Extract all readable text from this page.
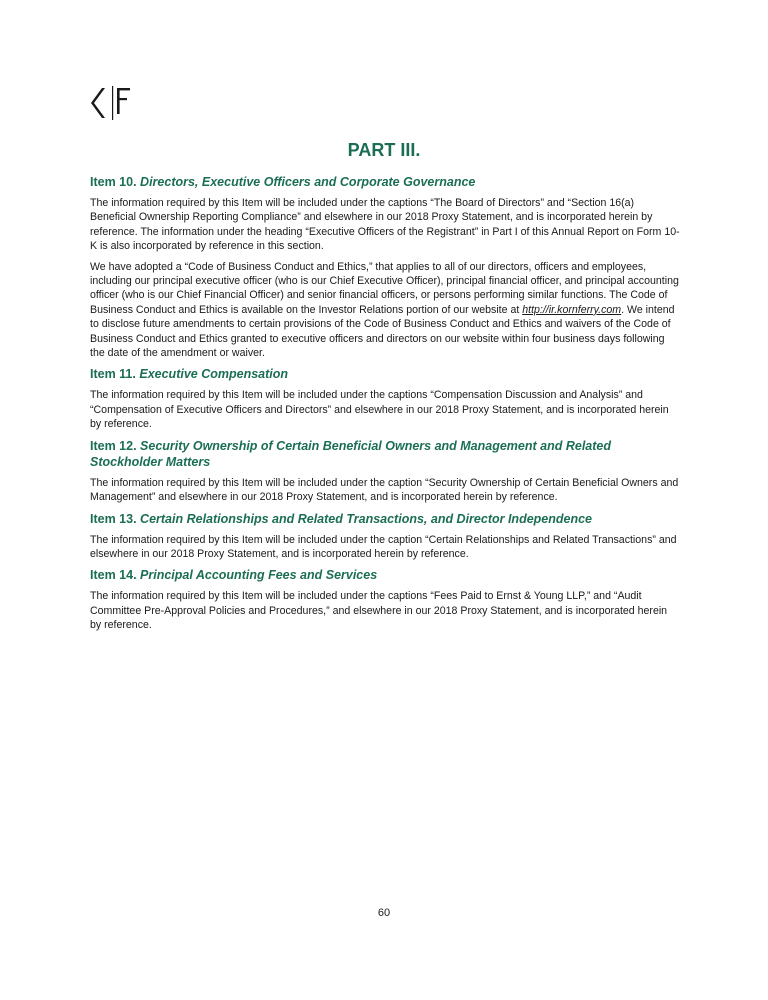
PART III.
Item 10. Directors, Executive Officers and Corporate Governance

The information required by this Item will be included under the captions “The Board of Directors” and “Section 16(a) Beneficial Ownership Reporting Compliance” and elsewhere in our 2018 Proxy Statement, and is incorporated herein by reference. The information under the heading “Executive Officers of the Registrant” in Part I of this Annual Report on Form 10-K is also incorporated by reference in this section.

We have adopted a “Code of Business Conduct and Ethics,” that applies to all of our directors, officers and employees, including our principal executive officer (who is our Chief Executive Officer), principal financial officer, and principal accounting officer (who is our Chief Financial Officer) and senior financial officers, or persons performing similar functions. The Code of Business Conduct and Ethics is available on the Investor Relations portion of our website at http://ir.kornferry.com. We intend to disclose future amendments to certain provisions of the Code of Business Conduct and Ethics and waivers of the Code of Business Conduct and Ethics granted to executive officers and directors on our website within four business days following the date of the amendment or waiver.

Item 11. Executive Compensation

The information required by this Item will be included under the captions “Compensation Discussion and Analysis” and “Compensation of Executive Officers and Directors” and elsewhere in our 2018 Proxy Statement, and is incorporated herein by reference.

Item 12. Security Ownership of Certain Beneficial Owners and Management and Related Stockholder Matters

The information required by this Item will be included under the caption “Security Ownership of Certain Beneficial Owners and Management” and elsewhere in our 2018 Proxy Statement, and is incorporated herein by reference.

Item 13. Certain Relationships and Related Transactions, and Director Independence

The information required by this Item will be included under the caption “Certain Relationships and Related Transactions” and elsewhere in our 2018 Proxy Statement, and is incorporated herein by reference.

Item 14. Principal Accounting Fees and Services

The information required by this Item will be included under the captions “Fees Paid to Ernst & Young LLP,” and “Audit Committee Pre-Approval Policies and Procedures,” and elsewhere in our 2018 Proxy Statement, and is incorporated herein by reference.

60
